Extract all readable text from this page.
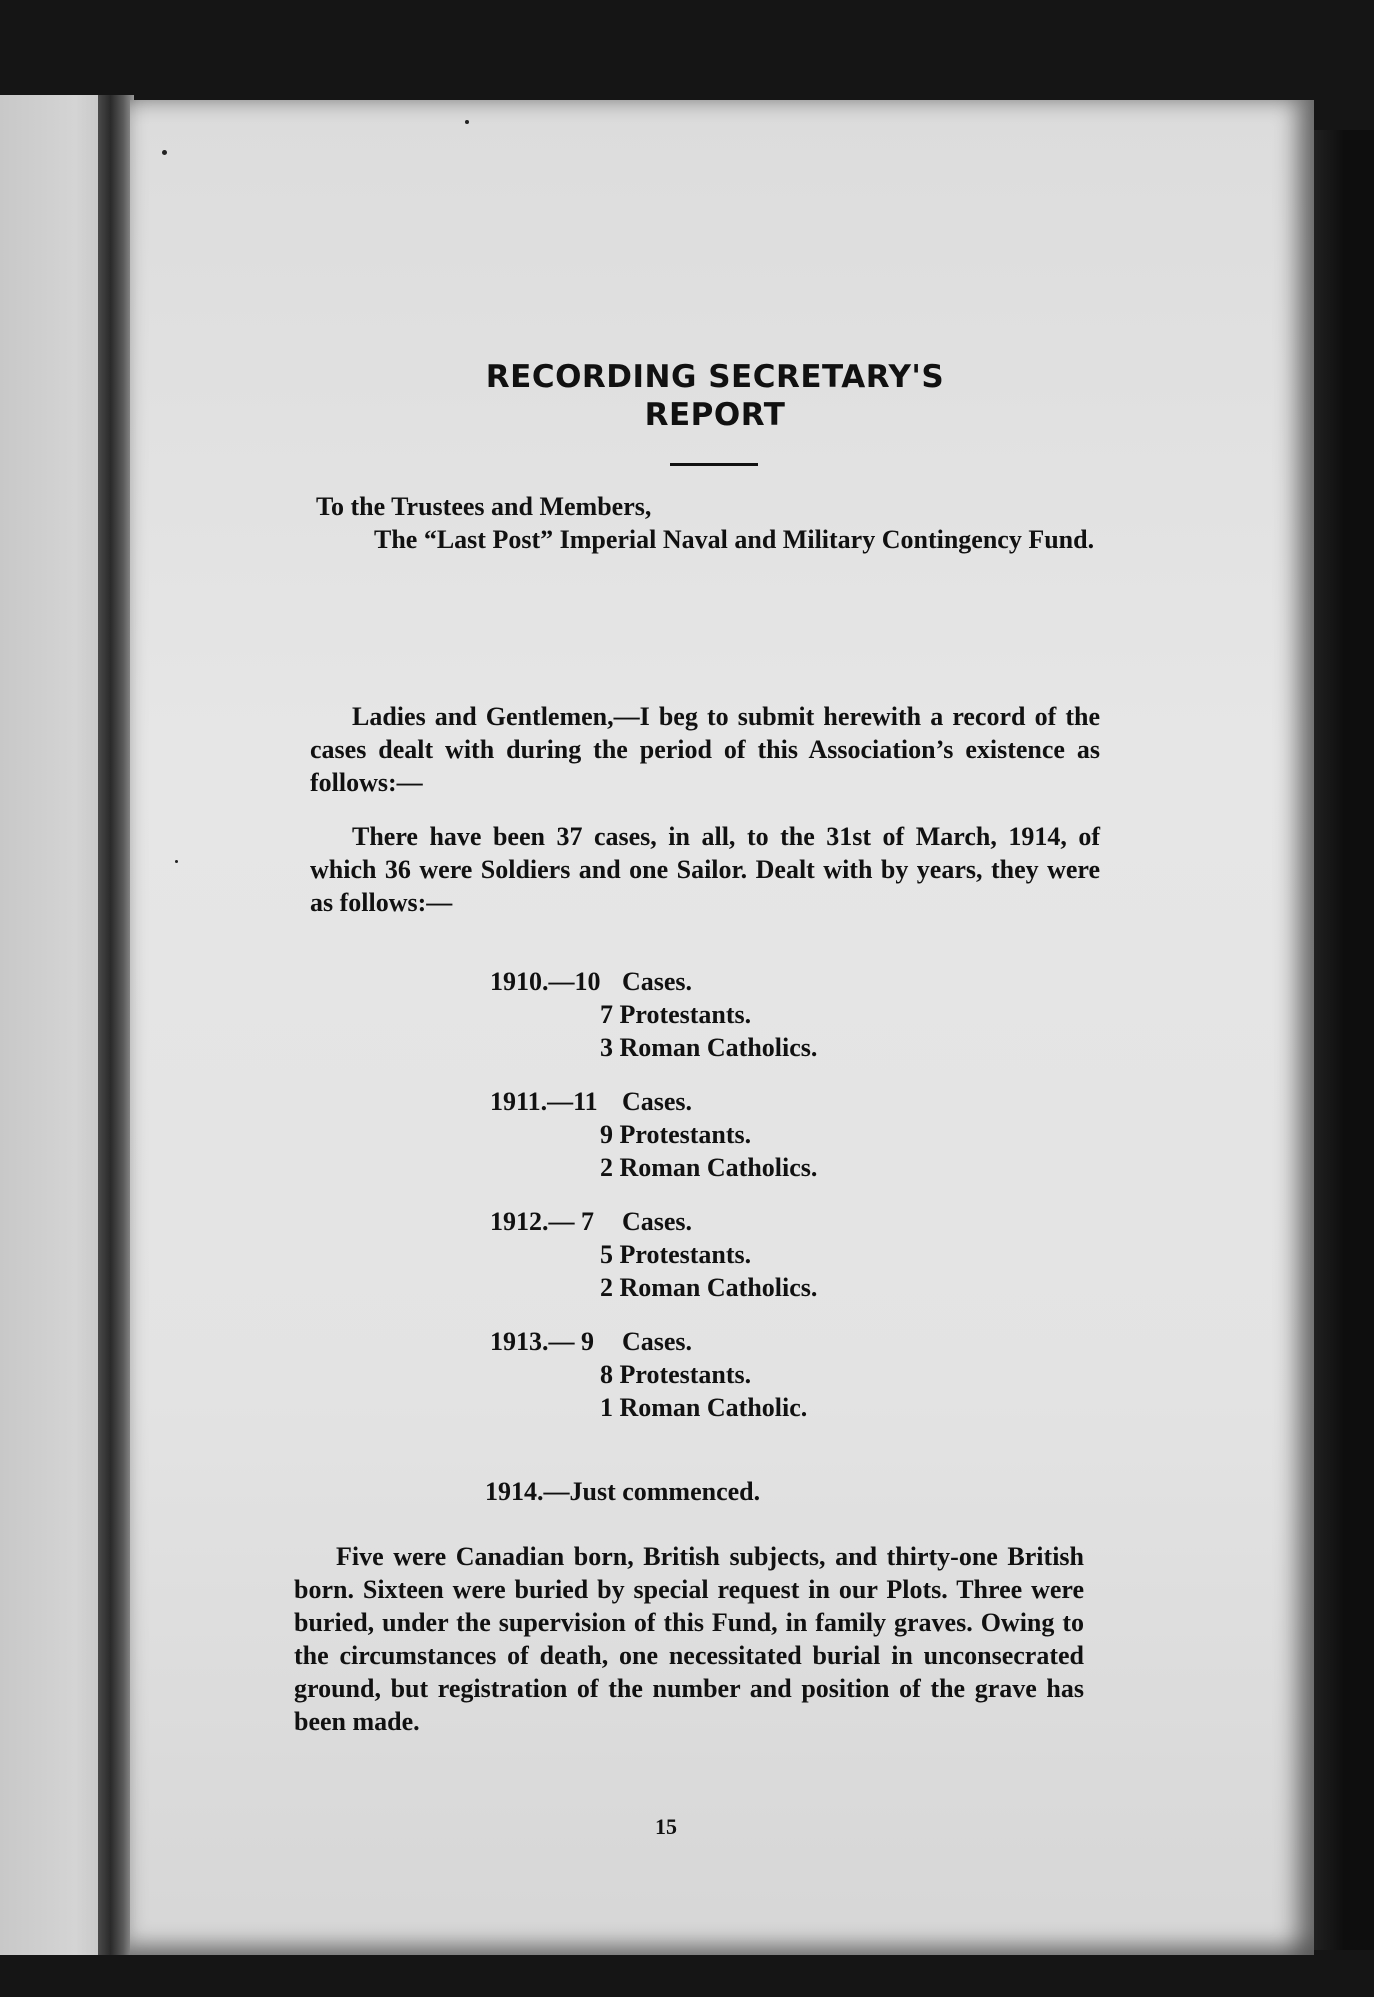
RECORDING SECRETARY'S
REPORT
To the Trustees and Members,
The “Last Post” Imperial Naval and Military Contingency Fund.

Ladies and Gentlemen,—I beg to submit herewith a record of the cases dealt with during the period of this Association’s existence as follows:—

There have been 37 cases, in all, to the 31st of March, 1914, of which 36 were Soldiers and one Sailor. Dealt with by years, they were as follows:—

1910.—10 Cases.
7 Protestants.
3 Roman Catholics.
1911.—11 Cases.
9 Protestants.
2 Roman Catholics.
1912.— 7	Cases.
5 Protestants.
2 Roman Catholics.
1913.— 9	Cases.
8 Protestants.
1 Roman Catholic.

1914.—Just commenced.

Five were Canadian born, British subjects, and thirty-one British born. Sixteen were buried by special request in our Plots. Three were buried, under the supervision of this Fund, in family graves. Owing to the circumstances of death, one necessitated burial in unconsecrated ground, but registration of the number and position of the grave has been made.

15
